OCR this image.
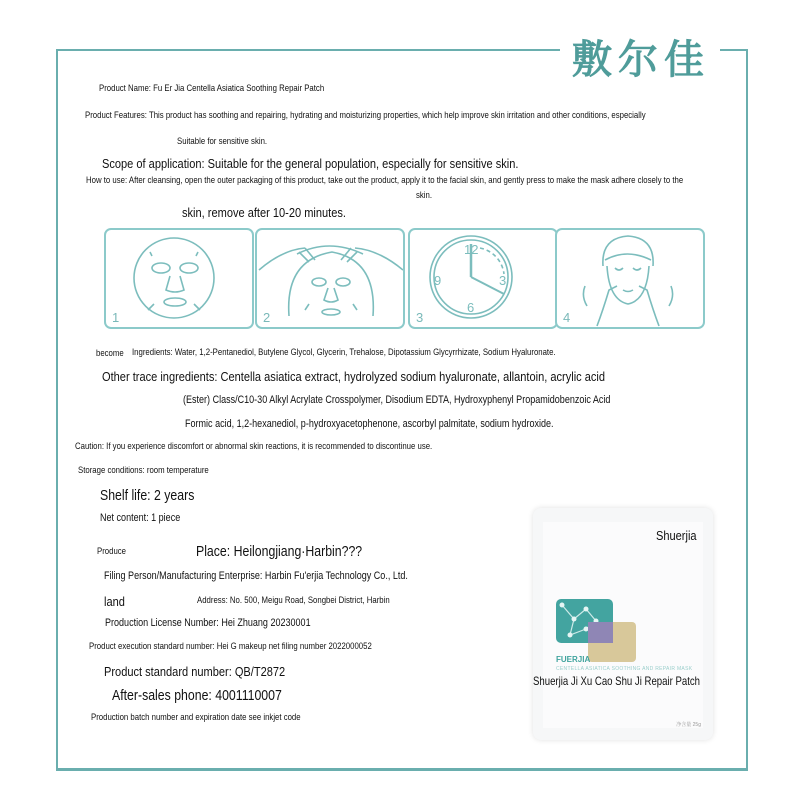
敷尔佳
Product Name: Fu Er Jia Centella Asiatica Soothing Repair Patch
Product Features: This product has soothing and repairing, hydrating and moisturizing properties, which help improve skin irritation and other conditions, especially
Suitable for sensitive skin.
Scope of application: Suitable for the general population, especially for sensitive skin.
How to use: After cleansing, open the outer packaging of this product, take out the product, apply it to the facial skin, and gently press to make the mask adhere closely to the
skin.
skin, remove after 10-20 minutes.
1	2
12
3
6
9
3	4
become Ingredients: Water, 1,2-Pentanediol, Butylene Glycol, Glycerin, Trehalose, Dipotassium Glycyrrhizate, Sodium Hyaluronate.
Other trace ingredients: Centella asiatica extract, hydrolyzed sodium hyaluronate, allantoin, acrylic acid
(Ester) Class/C10-30 Alkyl Acrylate Crosspolymer, Disodium EDTA, Hydroxyphenyl Propamidobenzoic Acid
Formic acid, 1,2-hexanediol, p-hydroxyacetophenone, ascorbyl palmitate, sodium hydroxide.
Caution: If you experience discomfort or abnormal skin reactions, it is recommended to discontinue use.
Storage conditions: room temperature
Shelf life: 2 years
Net content: 1 piece
Produce	Place: Heilongjiang·Harbin???
Filing Person/Manufacturing Enterprise: Harbin Fu'erjia Technology Co., Ltd.
land	Address: No. 500, Meigu Road, Songbei District, Harbin
Production License Number: Hei Zhuang 20230001
Product execution standard number: Hei G makeup net filing number 2022000052
Product standard number: QB/T2872
After-sales phone: 4001110007
Production batch number and expiration date see inkjet code
FUERJIA
CENTELLA ASIATICA SOOTHING AND REPAIR MASK
净含量 25g
Shuerjia
Shuerjia Ji Xu Cao Shu Ji Repair Patch
